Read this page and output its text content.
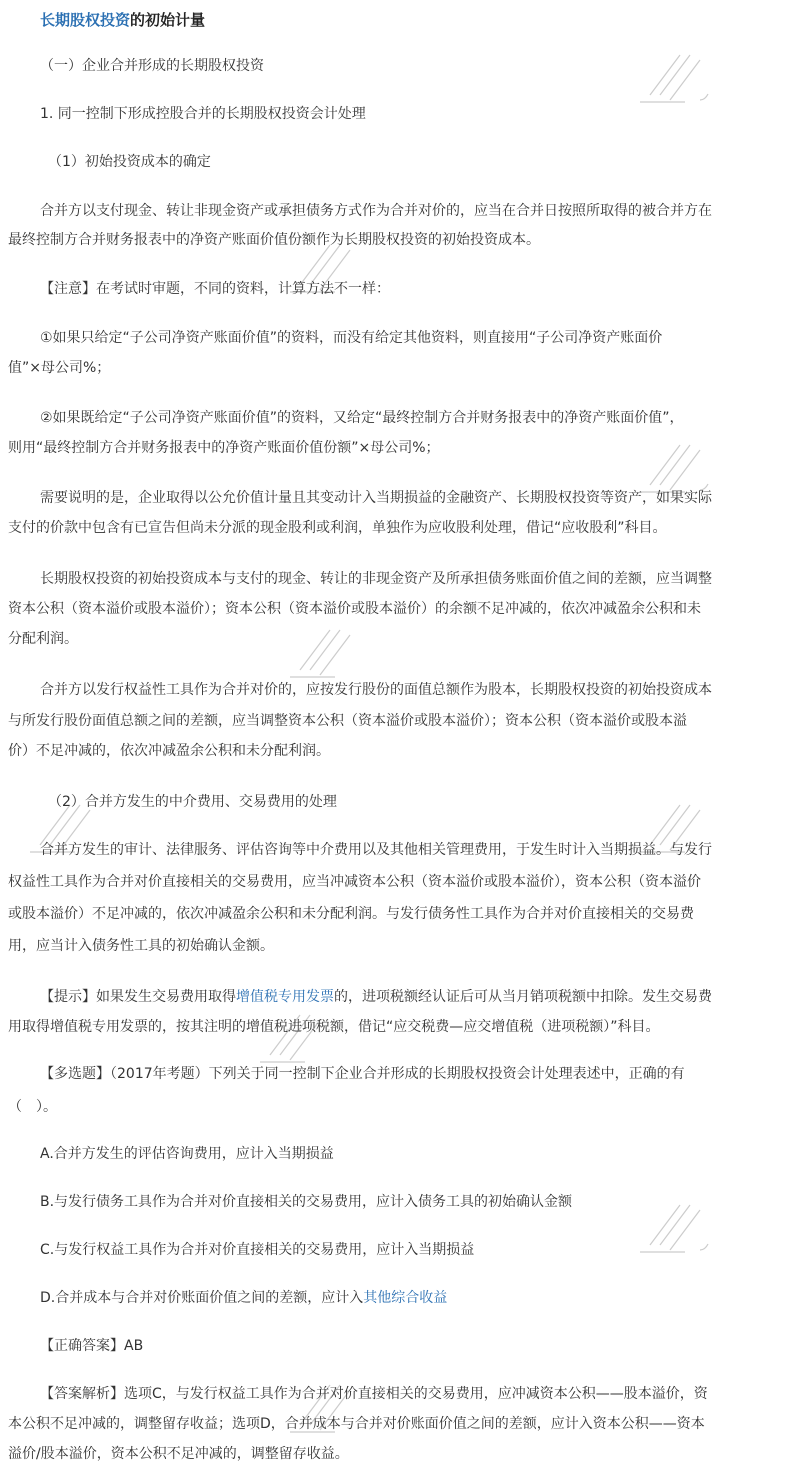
长期股权投资的初始计量

（一）企业合并形成的长期股权投资

1. 同一控制下形成控股合并的长期股权投资会计处理

（1）初始投资成本的确定

合并方以支付现金、转让非现金资产或承担债务方式作为合并对价的，应当在合并日按照所取得的被合并方在

最终控制方合并财务报表中的净资产账面价值份额作为长期股权投资的初始投资成本。

【注意】在考试时审题，不同的资料，计算方法不一样：

①如果只给定“子公司净资产账面价值”的资料，而没有给定其他资料，则直接用“子公司净资产账面价

值”×母公司%；

②如果既给定“子公司净资产账面价值”的资料，又给定“最终控制方合并财务报表中的净资产账面价值”，

则用“最终控制方合并财务报表中的净资产账面价值份额”×母公司%；

需要说明的是，企业取得以公允价值计量且其变动计入当期损益的金融资产、长期股权投资等资产，如果实际

支付的价款中包含有已宣告但尚未分派的现金股利或利润，单独作为应收股利处理，借记“应收股利”科目。

长期股权投资的初始投资成本与支付的现金、转让的非现金资产及所承担债务账面价值之间的差额，应当调整

资本公积（资本溢价或股本溢价）；资本公积（资本溢价或股本溢价）的余额不足冲减的，依次冲减盈余公积和未

分配利润。

合并方以发行权益性工具作为合并对价的，应按发行股份的面值总额作为股本，长期股权投资的初始投资成本

与所发行股份面值总额之间的差额，应当调整资本公积（资本溢价或股本溢价）；资本公积（资本溢价或股本溢

价）不足冲减的，依次冲减盈余公积和未分配利润。

（2）合并方发生的中介费用、交易费用的处理

合并方发生的审计、法律服务、评估咨询等中介费用以及其他相关管理费用，于发生时计入当期损益。与发行

权益性工具作为合并对价直接相关的交易费用，应当冲减资本公积（资本溢价或股本溢价），资本公积（资本溢价

或股本溢价）不足冲减的，依次冲减盈余公积和未分配利润。与发行债务性工具作为合并对价直接相关的交易费

用，应当计入债务性工具的初始确认金额。

【提示】如果发生交易费用取得增值税专用发票的，进项税额经认证后可从当月销项税额中扣除。发生交易费

用取得增值税专用发票的，按其注明的增值税进项税额，借记“应交税费—应交增值税（进项税额）”科目。

【多选题】（2017年考题）下列关于同一控制下企业合并形成的长期股权投资会计处理表述中，正确的有

（　）。

A.合并方发生的评估咨询费用，应计入当期损益

B.与发行债务工具作为合并对价直接相关的交易费用，应计入债务工具的初始确认金额

C.与发行权益工具作为合并对价直接相关的交易费用，应计入当期损益

D.合并成本与合并对价账面价值之间的差额，应计入其他综合收益

【正确答案】AB

【答案解析】选项C，与发行权益工具作为合并对价直接相关的交易费用，应冲减资本公积——股本溢价，资

本公积不足冲减的，调整留存收益；选项D，合并成本与合并对价账面价值之间的差额，应计入资本公积——资本

溢价/股本溢价，资本公积不足冲减的，调整留存收益。
